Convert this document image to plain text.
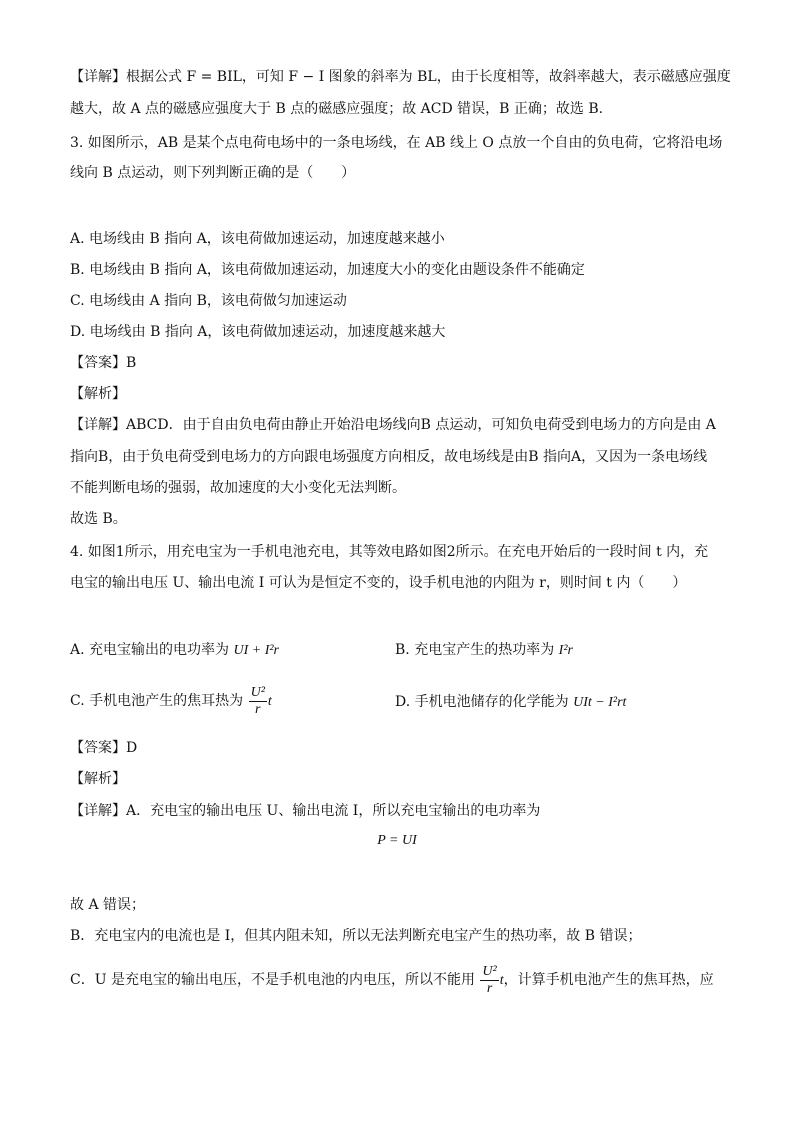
【详解】根据公式 F = BIL，可知 F − I 图象的斜率为 BL，由于长度相等，故斜率越大，表示磁感应强度
越大，故 A 点的磁感应强度大于 B 点的磁感应强度；故 ACD 错误，B 正确；故选 B.
3. 如图所示，AB 是某个点电荷电场中的一条电场线，在 AB 线上 O 点放一个自由的负电荷，它将沿电场
线向 B 点运动，则下列判断正确的是（　　）
A. 电场线由 B 指向 A，该电荷做加速运动，加速度越来越小
B. 电场线由 B 指向 A，该电荷做加速运动，加速度大小的变化由题设条件不能确定
C. 电场线由 A 指向 B，该电荷做匀加速运动
D. 电场线由 B 指向 A，该电荷做加速运动，加速度越来越大
【答案】B
【解析】
【详解】ABCD．由于自由负电荷由静止开始沿电场线向B 点运动，可知负电荷受到电场力的方向是由 A
指向B，由于负电荷受到电场力的方向跟电场强度方向相反，故电场线是由B 指向A，又因为一条电场线
不能判断电场的强弱，故加速度的大小变化无法判断。
故选 B。
4. 如图1所示，用充电宝为一手机电池充电，其等效电路如图2所示。在充电开始后的一段时间 t 内，充
电宝的输出电压 U、输出电流 I 可认为是恒定不变的，设手机电池的内阻为 r，则时间 t 内（　　）
A. 充电宝输出的电功率为 UI + I²r	B. 充电宝产生的热功率为 I²r
C. 手机电池产生的焦耳热为 $\frac{\text{U²}}{r}$ t	D. 手机电池储存的化学能为 UIt − I²rt
【答案】D
【解析】
【详解】A．充电宝的输出电压 U、输出电流 I，所以充电宝输出的电功率为
P = UI
故 A 错误；
B．充电宝内的电流也是 I，但其内阻未知，所以无法判断充电宝产生的热功率，故 B 错误；
C．U 是充电宝的输出电压，不是手机电池的内电压，所以不能用 $\frac{\text{U²}}{r}$ t，计算手机电池产生的焦耳热，应
